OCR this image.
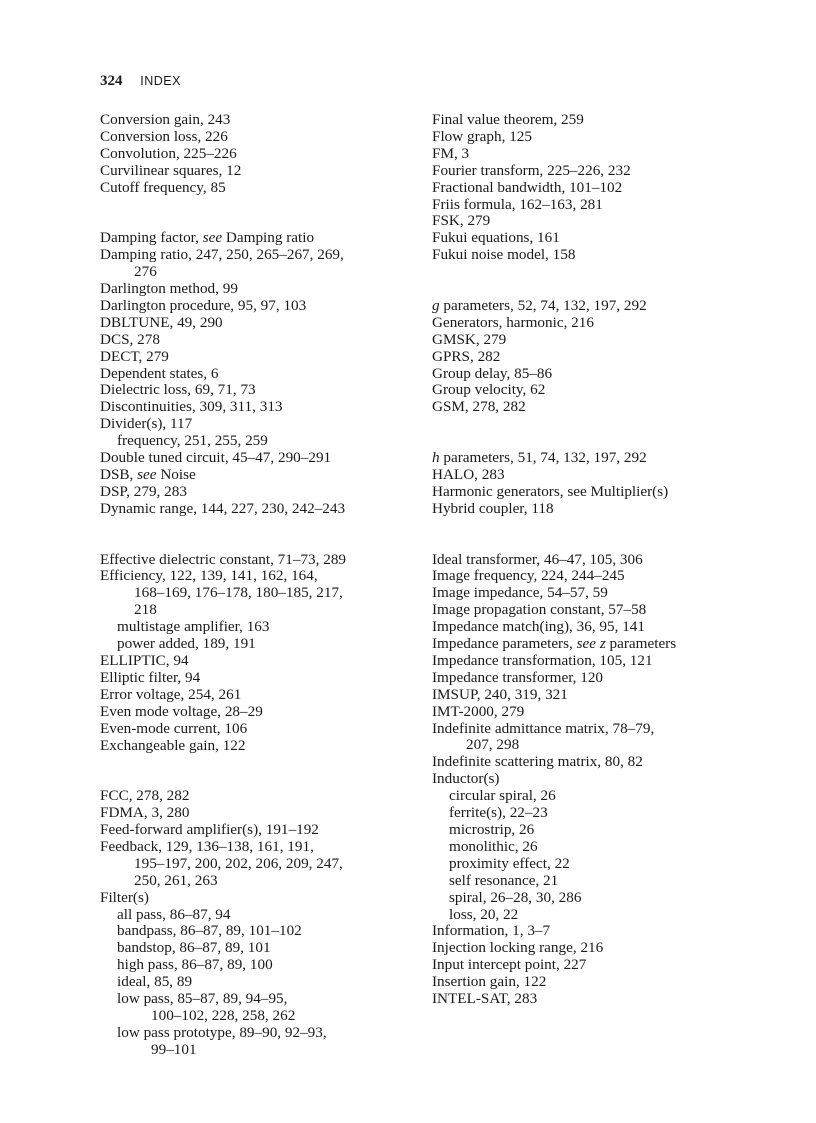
324 INDEX
Conversion gain, 243
Conversion loss, 226
Convolution, 225–226
Curvilinear squares, 12
Cutoff frequency, 85
Damping factor, see Damping ratio
Damping ratio, 247, 250, 265–267, 269,
276
Darlington method, 99
Darlington procedure, 95, 97, 103
DBLTUNE, 49, 290
DCS, 278
DECT, 279
Dependent states, 6
Dielectric loss, 69, 71, 73
Discontinuities, 309, 311, 313
Divider(s), 117
frequency, 251, 255, 259
Double tuned circuit, 45–47, 290–291
DSB, see Noise
DSP, 279, 283
Dynamic range, 144, 227, 230, 242–243
Effective dielectric constant, 71–73, 289
Efficiency, 122, 139, 141, 162, 164,
168–169, 176–178, 180–185, 217,
218
multistage amplifier, 163
power added, 189, 191
ELLIPTIC, 94
Elliptic filter, 94
Error voltage, 254, 261
Even mode voltage, 28–29
Even-mode current, 106
Exchangeable gain, 122
FCC, 278, 282
FDMA, 3, 280
Feed-forward amplifier(s), 191–192
Feedback, 129, 136–138, 161, 191,
195–197, 200, 202, 206, 209, 247,
250, 261, 263
Filter(s)
all pass, 86–87, 94
bandpass, 86–87, 89, 101–102
bandstop, 86–87, 89, 101
high pass, 86–87, 89, 100
ideal, 85, 89
low pass, 85–87, 89, 94–95,
100–102, 228, 258, 262
low pass prototype, 89–90, 92–93,
99–101
Final value theorem, 259
Flow graph, 125
FM, 3
Fourier transform, 225–226, 232
Fractional bandwidth, 101–102
Friis formula, 162–163, 281
FSK, 279
Fukui equations, 161
Fukui noise model, 158
g parameters, 52, 74, 132, 197, 292
Generators, harmonic, 216
GMSK, 279
GPRS, 282
Group delay, 85–86
Group velocity, 62
GSM, 278, 282
h parameters, 51, 74, 132, 197, 292
HALO, 283
Harmonic generators, see Multiplier(s)
Hybrid coupler, 118
Ideal transformer, 46–47, 105, 306
Image frequency, 224, 244–245
Image impedance, 54–57, 59
Image propagation constant, 57–58
Impedance match(ing), 36, 95, 141
Impedance parameters, see z parameters
Impedance transformation, 105, 121
Impedance transformer, 120
IMSUP, 240, 319, 321
IMT-2000, 279
Indefinite admittance matrix, 78–79,
207, 298
Indefinite scattering matrix, 80, 82
Inductor(s)
circular spiral, 26
ferrite(s), 22–23
microstrip, 26
monolithic, 26
proximity effect, 22
self resonance, 21
spiral, 26–28, 30, 286
loss, 20, 22
Information, 1, 3–7
Injection locking range, 216
Input intercept point, 227
Insertion gain, 122
INTEL-SAT, 283
